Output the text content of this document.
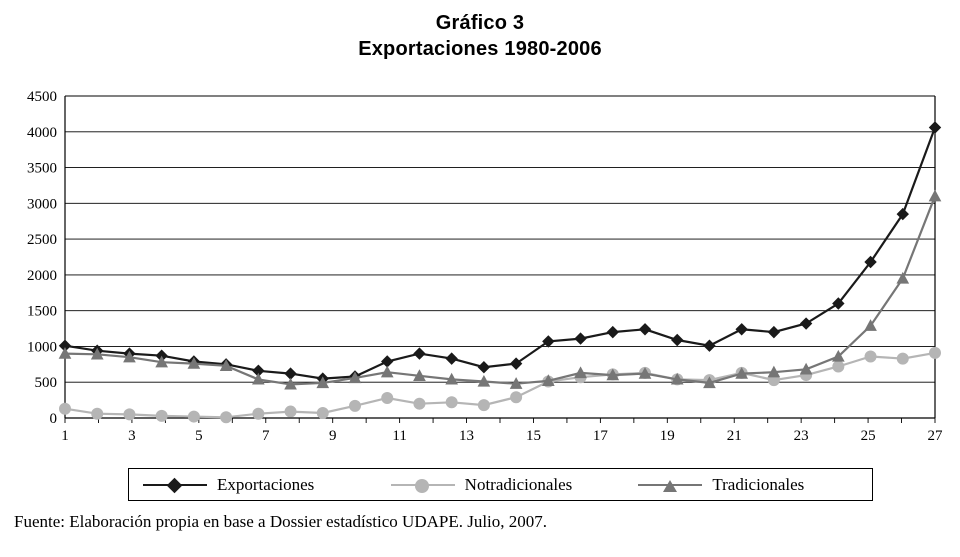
Gráfico 3
Exportaciones 1980-2006
0
500
1000
1500
2000
2500
3000
3500
4000
4500
1	3	5	7	9	11	13	15	17	19	21	23	25	27
Exportaciones	Notradicionales	Tradicionales
Fuente: Elaboración propia en base a Dossier estadístico UDAPE. Julio, 2007.
